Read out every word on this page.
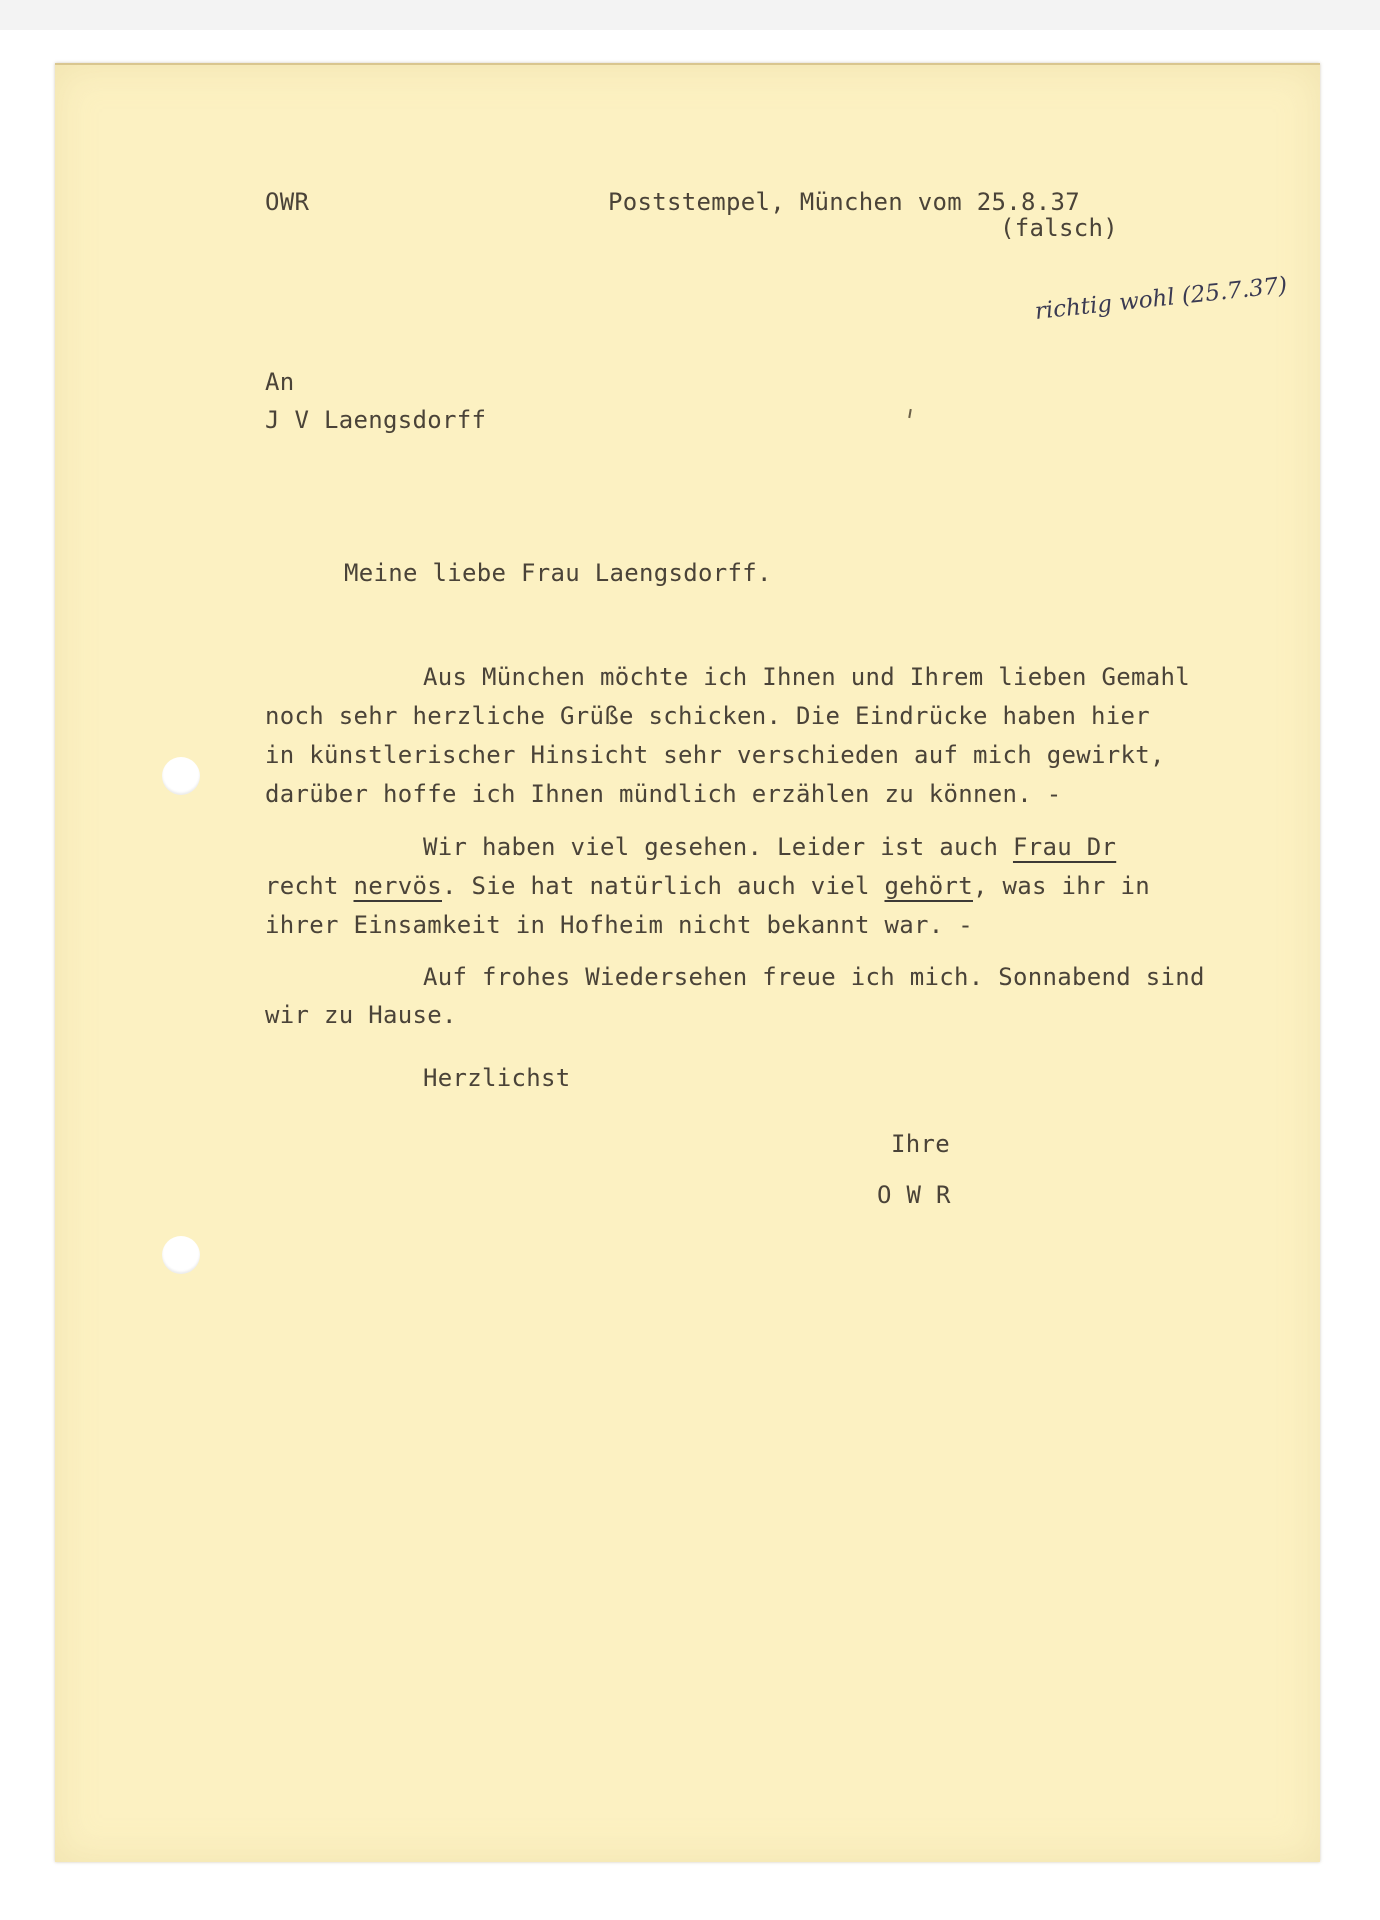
OWR	Poststempel, München vom 25.8.37
(falsch)
richtig wohl (25.7.37)
An
J V Laengsdorff
Meine liebe Frau Laengsdorff.
Aus München möchte ich Ihnen und Ihrem lieben Gemahl
noch sehr herzliche Grüße schicken. Die Eindrücke haben hier
in künstlerischer Hinsicht sehr verschieden auf mich gewirkt,
darüber hoffe ich Ihnen mündlich erzählen zu können. -
Wir haben viel gesehen. Leider ist auch Frau Dr
recht nervös. Sie hat natürlich auch viel gehört, was ihr in
ihrer Einsamkeit in Hofheim nicht bekannt war. -
Auf frohes Wiedersehen freue ich mich. Sonnabend sind
wir zu Hause.
Herzlichst
Ihre
O W R
